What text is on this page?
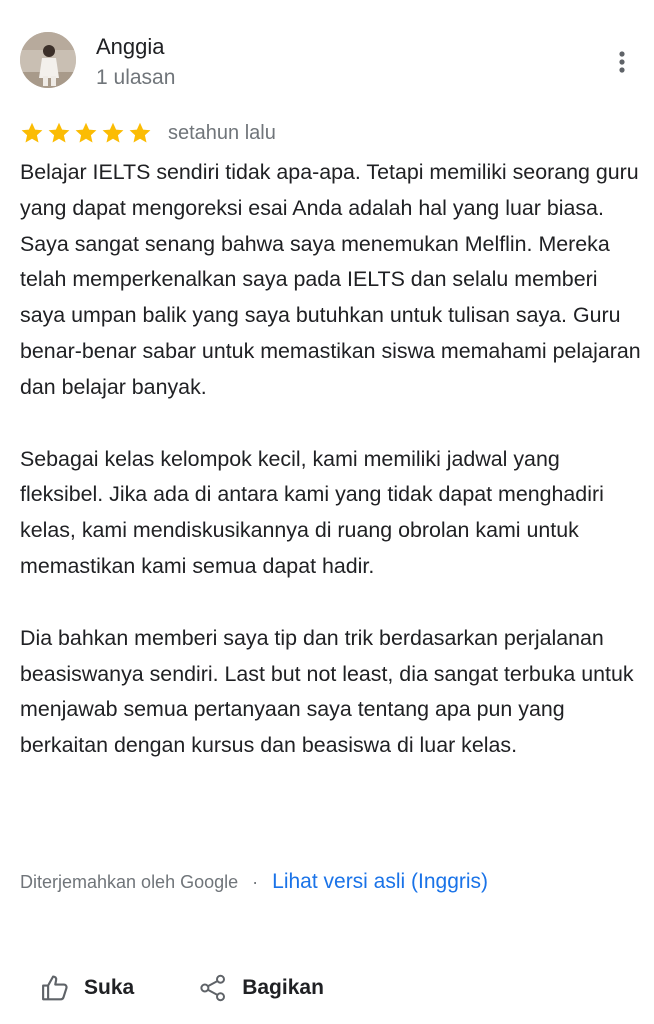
Anggia
1 ulasan
setahun lalu

Belajar IELTS sendiri tidak apa-apa. Tetapi memiliki seorang guru yang dapat mengoreksi esai Anda adalah hal yang luar biasa. Saya sangat senang bahwa saya menemukan Melflin. Mereka telah memperkenalkan saya pada IELTS dan selalu memberi saya umpan balik yang saya butuhkan untuk tulisan saya. Guru benar-benar sabar untuk memastikan siswa memahami pelajaran dan belajar banyak.

Sebagai kelas kelompok kecil, kami memiliki jadwal yang fleksibel. Jika ada di antara kami yang tidak dapat menghadiri kelas, kami mendiskusikannya di ruang obrolan kami untuk memastikan kami semua dapat hadir.

Dia bahkan memberi saya tip dan trik berdasarkan perjalanan beasiswanya sendiri. Last but not least, dia sangat terbuka untuk menjawab semua pertanyaan saya tentang apa pun yang berkaitan dengan kursus dan beasiswa di luar kelas.

Diterjemahkan oleh Google · Lihat versi asli (Inggris)
Suka	Bagikan
